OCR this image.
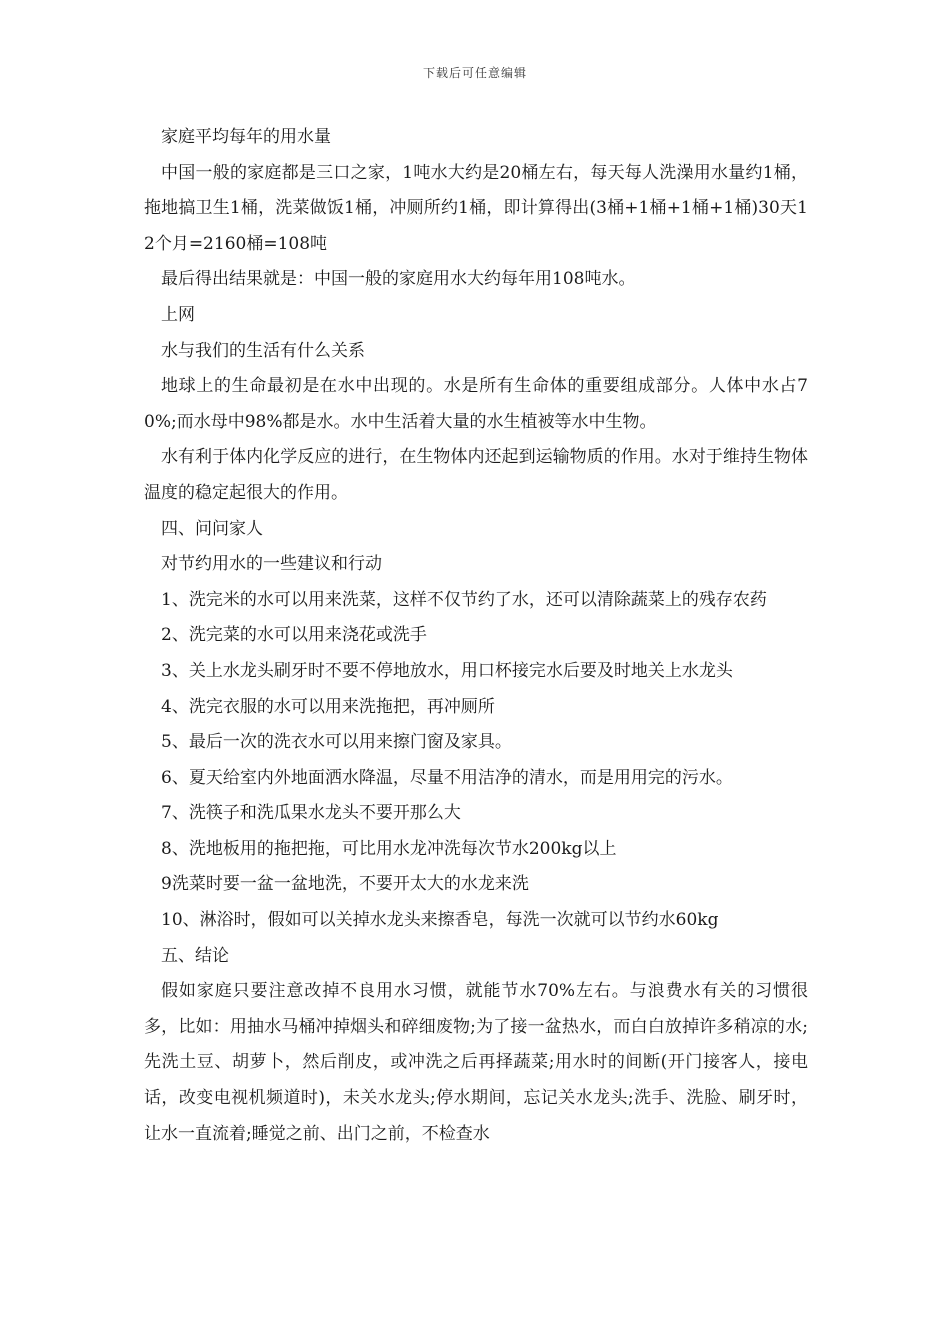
下载后可任意编辑

家庭平均每年的用水量

中国一般的家庭都是三口之家，1吨水大约是20桶左右，每天每人洗澡用水量约1桶，拖地搞卫生1桶，洗菜做饭1桶，冲厕所约1桶，即计算得出(3桶+1桶+1桶+1桶)30天12个月=2160桶=108吨

最后得出结果就是：中国一般的家庭用水大约每年用108吨水。

上网

水与我们的生活有什么关系

地球上的生命最初是在水中出现的。水是所有生命体的重要组成部分。人体中水占70%;而水母中98%都是水。水中生活着大量的水生植被等水中生物。

水有利于体内化学反应的进行，在生物体内还起到运输物质的作用。水对于维持生物体温度的稳定起很大的作用。

四、问问家人

对节约用水的一些建议和行动

1、洗完米的水可以用来洗菜，这样不仅节约了水，还可以清除蔬菜上的残存农药

2、洗完菜的水可以用来浇花或洗手

3、关上水龙头刷牙时不要不停地放水，用口杯接完水后要及时地关上水龙头

4、洗完衣服的水可以用来洗拖把，再冲厕所

5、最后一次的洗衣水可以用来擦门窗及家具。

6、夏天给室内外地面洒水降温，尽量不用洁净的清水，而是用用完的污水。

7、洗筷子和洗瓜果水龙头不要开那么大

8、洗地板用的拖把拖，可比用水龙冲洗每次节水200kg以上

9洗菜时要一盆一盆地洗，不要开太大的水龙来洗

10、淋浴时，假如可以关掉水龙头来擦香皂，每洗一次就可以节约水60kg

五、结论

假如家庭只要注意改掉不良用水习惯，就能节水70%左右。与浪费水有关的习惯很多，比如：用抽水马桶冲掉烟头和碎细废物;为了接一盆热水，而白白放掉许多稍凉的水;先洗土豆、胡萝卜，然后削皮，或冲洗之后再择蔬菜;用水时的间断(开门接客人，接电话，改变电视机频道时)，未关水龙头;停水期间，忘记关水龙头;洗手、洗脸、刷牙时，让水一直流着;睡觉之前、出门之前，不检查水
